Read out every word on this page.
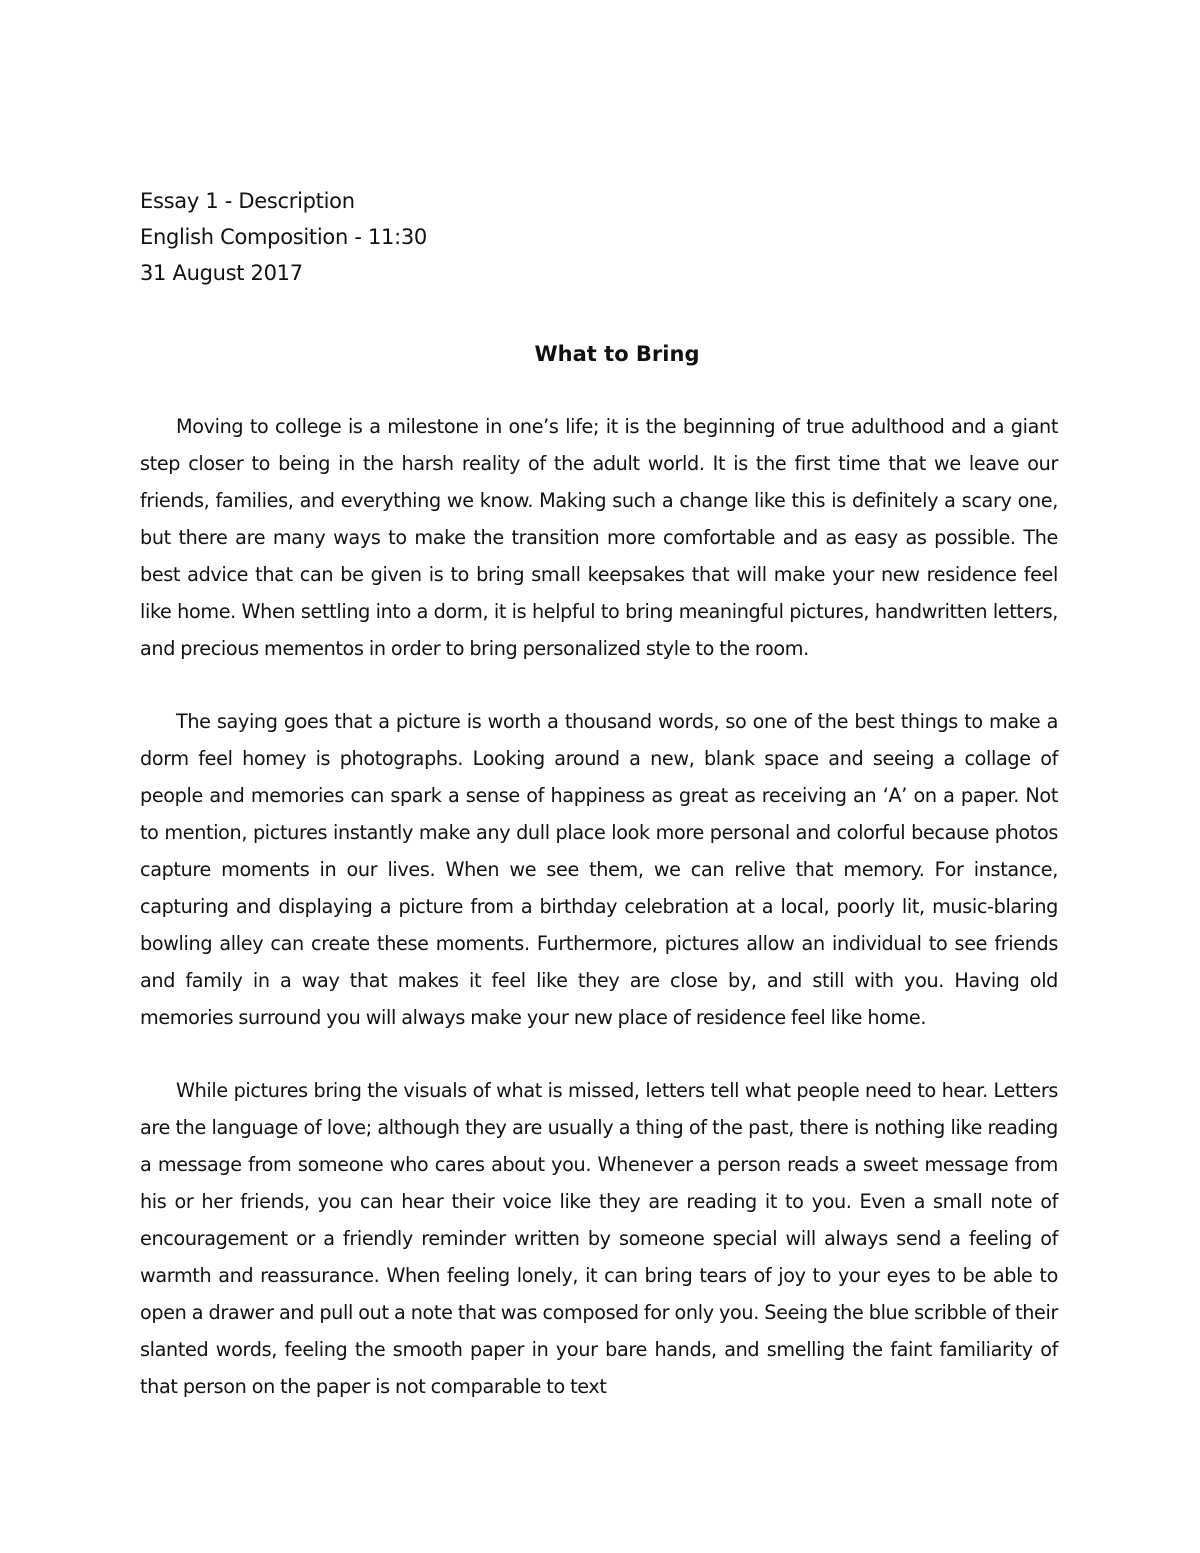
Essay 1 - Description
English Composition - 11:30
31 August 2017
What to Bring

Moving to college is a milestone in one’s life; it is the beginning of true adulthood and a giant step closer to being in the harsh reality of the adult world. It is the first time that we leave our friends, families, and everything we know. Making such a change like this is definitely a scary one, but there are many ways to make the transition more comfortable and as easy as possible. The best advice that can be given is to bring small keepsakes that will make your new residence feel like home. When settling into a dorm, it is helpful to bring meaningful pictures, handwritten letters, and precious mementos in order to bring personalized style to the room.

The saying goes that a picture is worth a thousand words, so one of the best things to make a dorm feel homey is photographs. Looking around a new, blank space and seeing a collage of people and memories can spark a sense of happiness as great as receiving an ‘A’ on a paper. Not to mention, pictures instantly make any dull place look more personal and colorful because photos capture moments in our lives. When we see them, we can relive that memory. For instance, capturing and displaying a picture from a birthday celebration at a local, poorly lit, music-blaring bowling alley can create these moments. Furthermore, pictures allow an individual to see friends and family in a way that makes it feel like they are close by, and still with you. Having old memories surround you will always make your new place of residence feel like home.

While pictures bring the visuals of what is missed, letters tell what people need to hear. Letters are the language of love; although they are usually a thing of the past, there is nothing like reading a message from someone who cares about you. Whenever a person reads a sweet message from his or her friends, you can hear their voice like they are reading it to you. Even a small note of encouragement or a friendly reminder written by someone special will always send a feeling of warmth and reassurance. When feeling lonely, it can bring tears of joy to your eyes to be able to open a drawer and pull out a note that was composed for only you. Seeing the blue scribble of their slanted words, feeling the smooth paper in your bare hands, and smelling the faint familiarity of that person on the paper is not comparable to text
